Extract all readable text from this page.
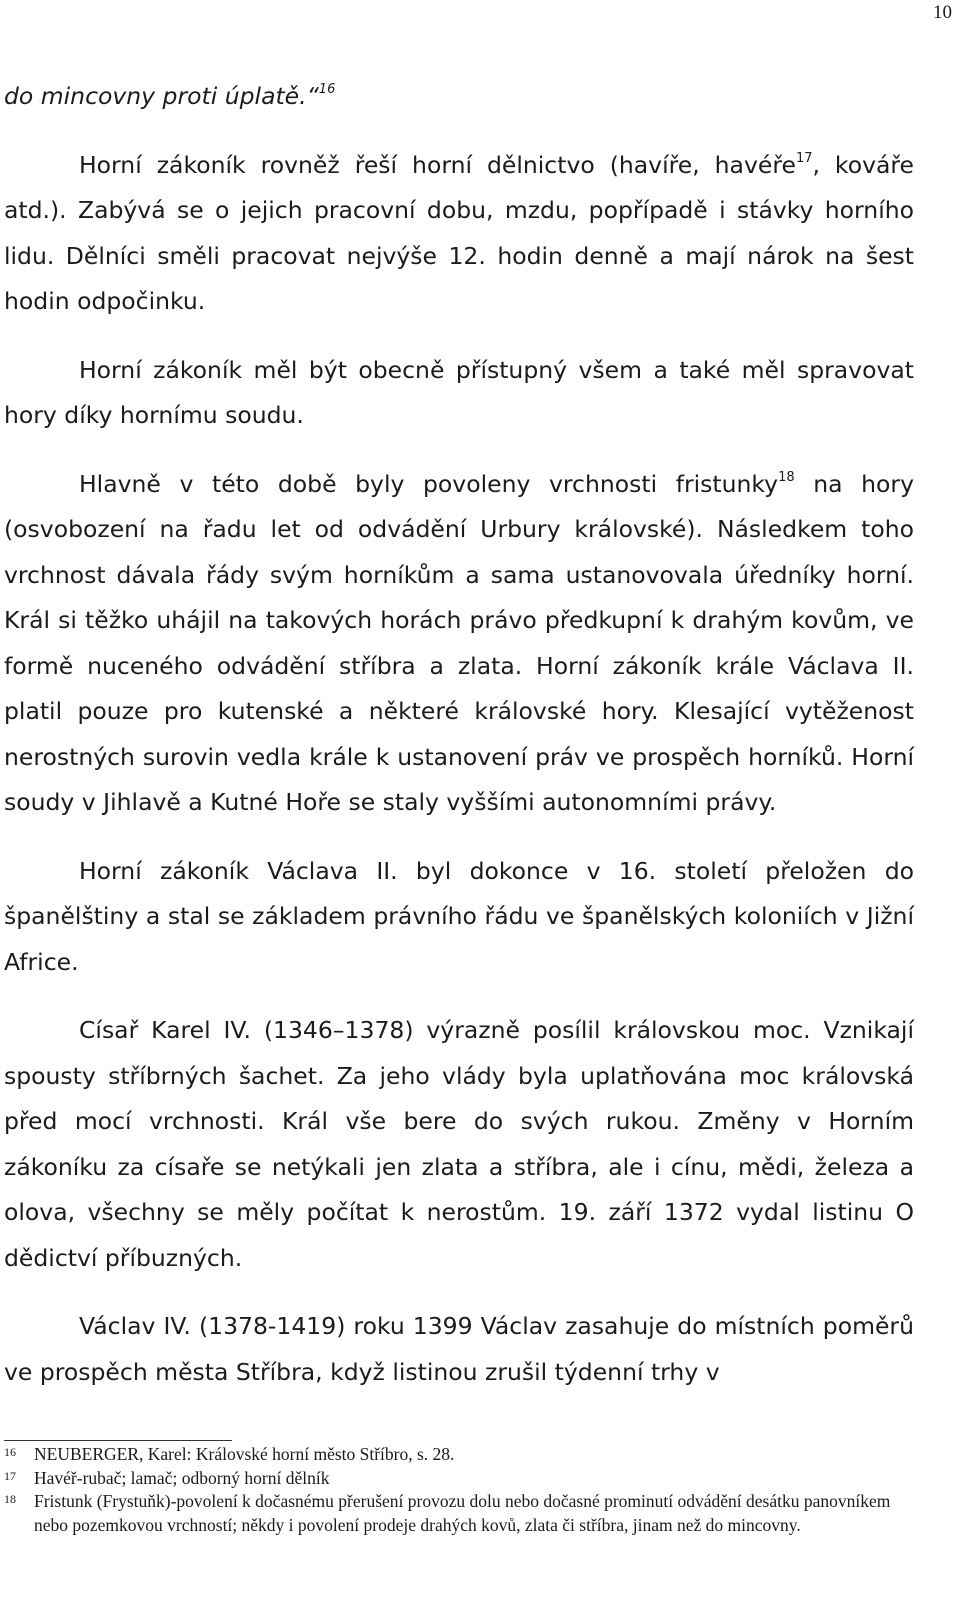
10

do mincovny proti úplatě.“$^{16}$

Horní zákoník rovněž řeší horní dělnictvo (havíře, havéře$^{17}$, kováře atd.). Zabývá se o jejich pracovní dobu, mzdu, popřípadě i stávky horního lidu. Dělníci směli pracovat nejvýše 12. hodin denně a mají nárok na šest hodin odpočinku.

Horní zákoník měl být obecně přístupný všem a také měl spravovat hory díky hornímu soudu.

Hlavně v této době byly povoleny vrchnosti fristunky$^{18}$ na hory (osvobození na řadu let od odvádění Urbury královské). Následkem toho vrchnost dávala řády svým horníkům a sama ustanovovala úředníky horní. Král si těžko uhájil na takových horách právo předkupní k drahým kovům, ve formě nuceného odvádění stříbra a zlata. Horní zákoník krále Václava II. platil pouze pro kutenské a některé královské hory. Klesající vytěženost nerostných surovin vedla krále k ustanovení práv ve prospěch horníků. Horní soudy v Jihlavě a Kutné Hoře se staly vyššími autonomními právy.

Horní zákoník Václava II. byl dokonce v 16. století přeložen do španělštiny a stal se základem právního řádu ve španělských koloniích v Jižní Africe.

Císař Karel IV. (1346–1378) výrazně posílil královskou moc. Vznikají spousty stříbrných šachet. Za jeho vlády byla uplatňována moc královská před mocí vrchnosti. Král vše bere do svých rukou. Změny v Horním zákoníku za císaře se netýkali jen zlata a stříbra, ale i cínu, mědi, železa a olova, všechny se měly počítat k nerostům. 19. září 1372 vydal listinu O dědictví příbuzných.

Václav IV. (1378-1419) roku 1399 Václav zasahuje do místních poměrů ve prospěch města Stříbra, když listinou zrušil týdenní trhy v

16	NEUBERGER, Karel: Královské horní město Stříbro, s. 28.
17	Havéř-rubač; lamač; odborný horní dělník
18	Fristunk (Frystuňk)-povolení k dočasnému přerušení provozu dolu nebo dočasné prominutí odvádění desátku panovníkem nebo pozemkovou vrchností; někdy i povolení prodeje drahých kovů, zlata či stříbra, jinam než do mincovny.
